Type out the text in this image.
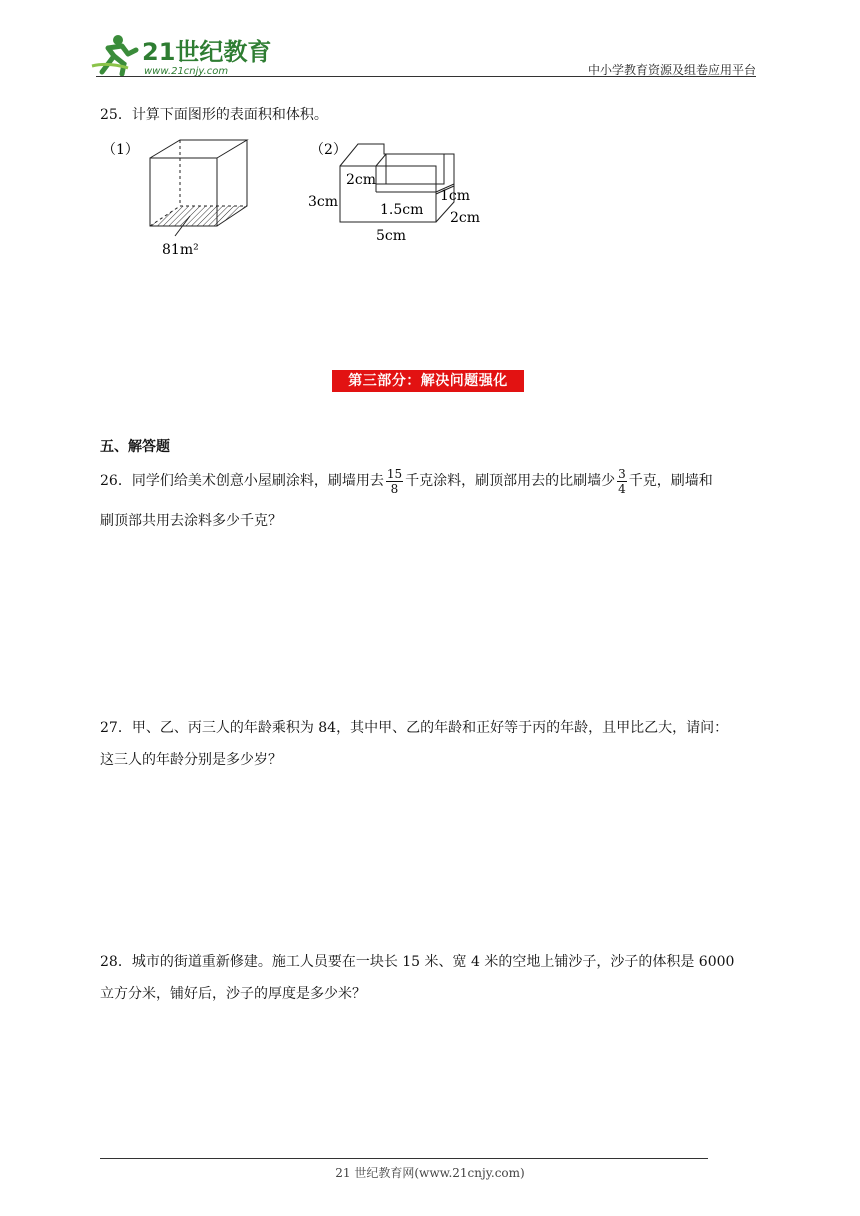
21世纪教育
www.21cnjy.com	中小学教育资源及组卷应用平台
25．计算下面图形的表面积和体积。
（1）
81m²
（2）
2cm
3cm	1cm
1.5cm 2cm
5cm
第三部分：解决问题强化
五、解答题
26．同学们给美术创意小屋刷涂料，刷墙用去 $\frac{15}{8}$ 千克涂料，刷顶部用去的比刷墙少 $\frac{3}{4}$ 千克，刷墙和
刷顶部共用去涂料多少千克？
27．甲、乙、丙三人的年龄乘积为 84，其中甲、乙的年龄和正好等于丙的年龄，且甲比乙大，请问：
这三人的年龄分别是多少岁？
28．城市的街道重新修建。施工人员要在一块长 15 米、宽 4 米的空地上铺沙子，沙子的体积是 6000
立方分米，铺好后，沙子的厚度是多少米？
21 世纪教育网(www.21cnjy.com)
